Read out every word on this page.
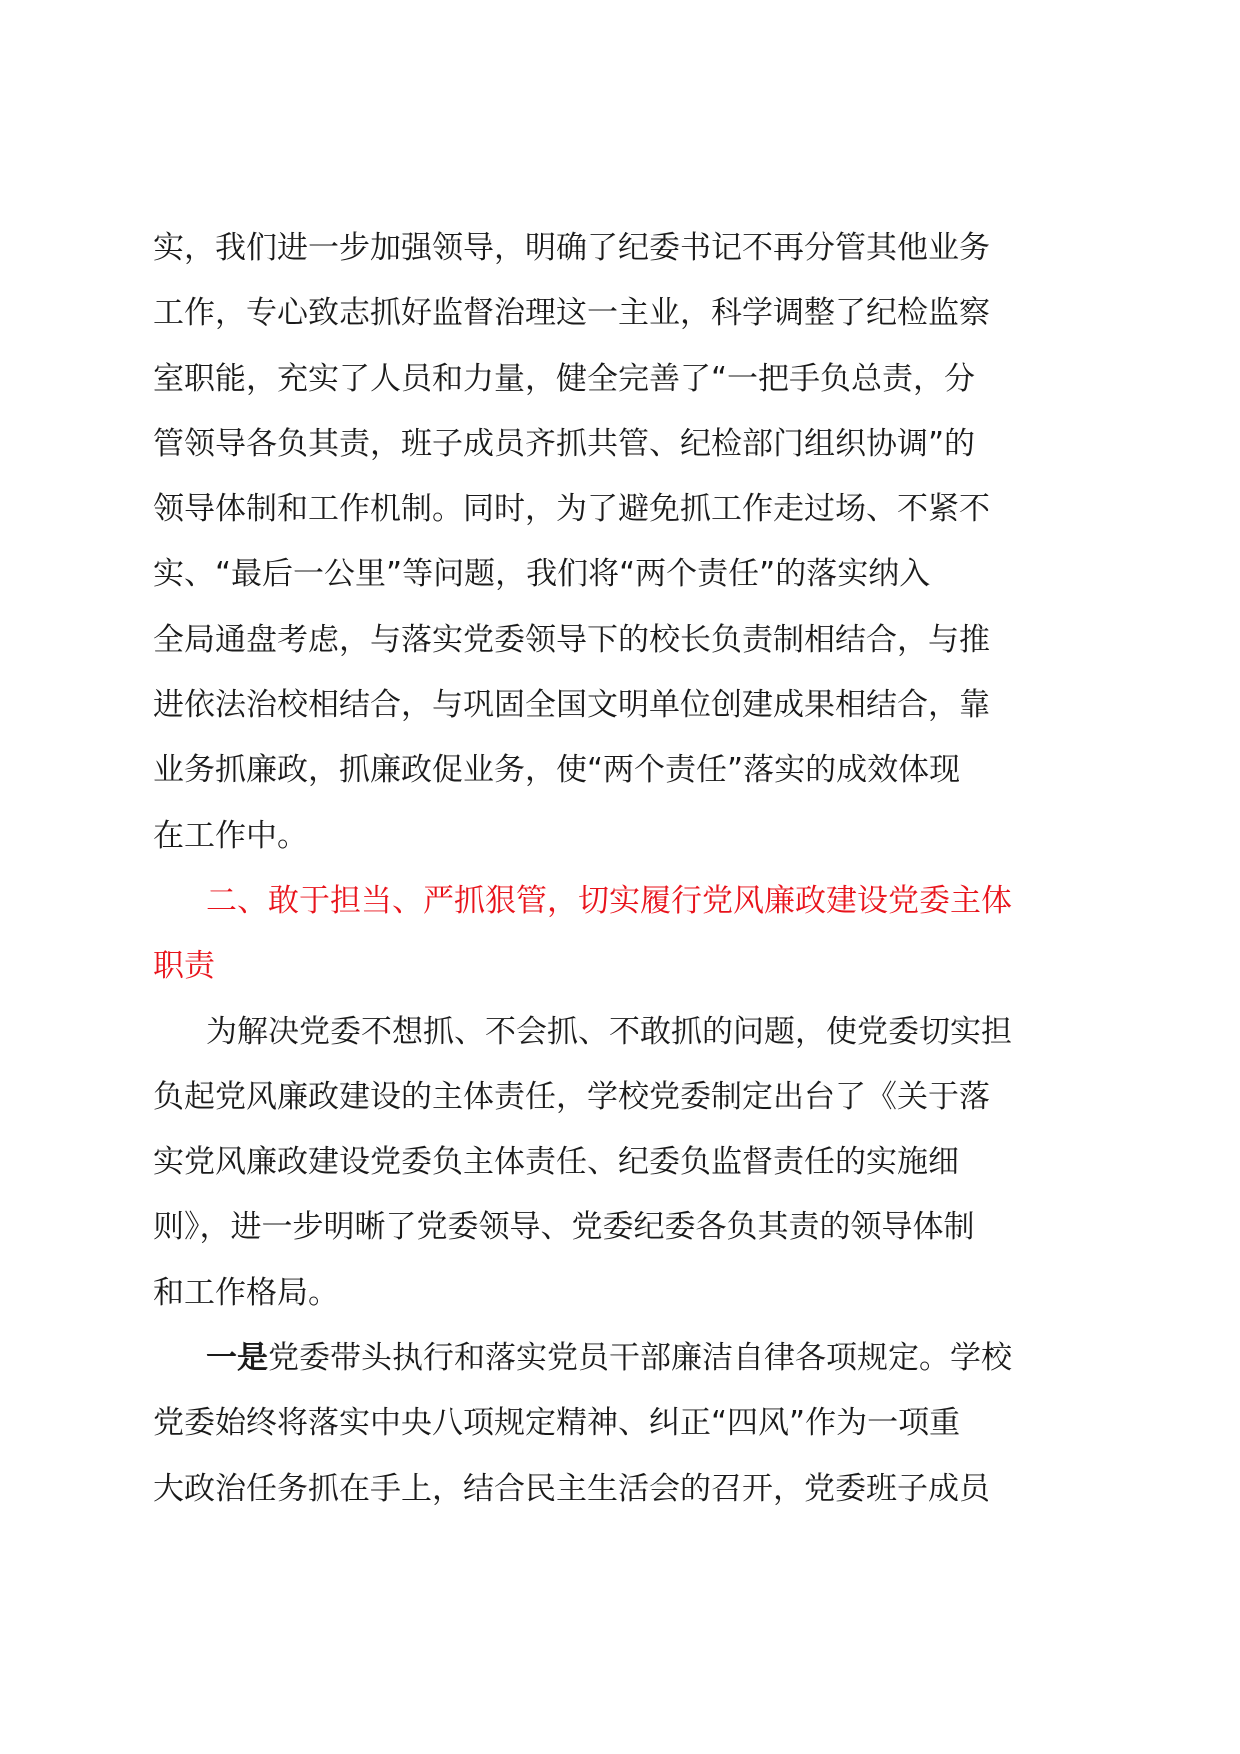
实，我们进一步加强领导，明确了纪委书记不再分管其他业务
工作，专心致志抓好监督治理这一主业，科学调整了纪检监察
室职能，充实了人员和力量，健全完善了“一把手负总责，分
管领导各负其责，班子成员齐抓共管、纪检部门组织协调”的
领导体制和工作机制。同时，为了避免抓工作走过场、不紧不
实、“最后一公里”等问题，我们将“两个责任”的落实纳入
全局通盘考虑，与落实党委领导下的校长负责制相结合，与推
进依法治校相结合，与巩固全国文明单位创建成果相结合，靠
业务抓廉政，抓廉政促业务，使“两个责任”落实的成效体现
在工作中。
二、敢于担当、严抓狠管，切实履行党风廉政建设党委主体
职责
为解决党委不想抓、不会抓、不敢抓的问题，使党委切实担
负起党风廉政建设的主体责任，学校党委制定出台了《关于落
实党风廉政建设党委负主体责任、纪委负监督责任的实施细
则》，进一步明晰了党委领导、党委纪委各负其责的领导体制
和工作格局。
一是党委带头执行和落实党员干部廉洁自律各项规定。学校
党委始终将落实中央八项规定精神、纠正“四风”作为一项重
大政治任务抓在手上，结合民主生活会的召开，党委班子成员
